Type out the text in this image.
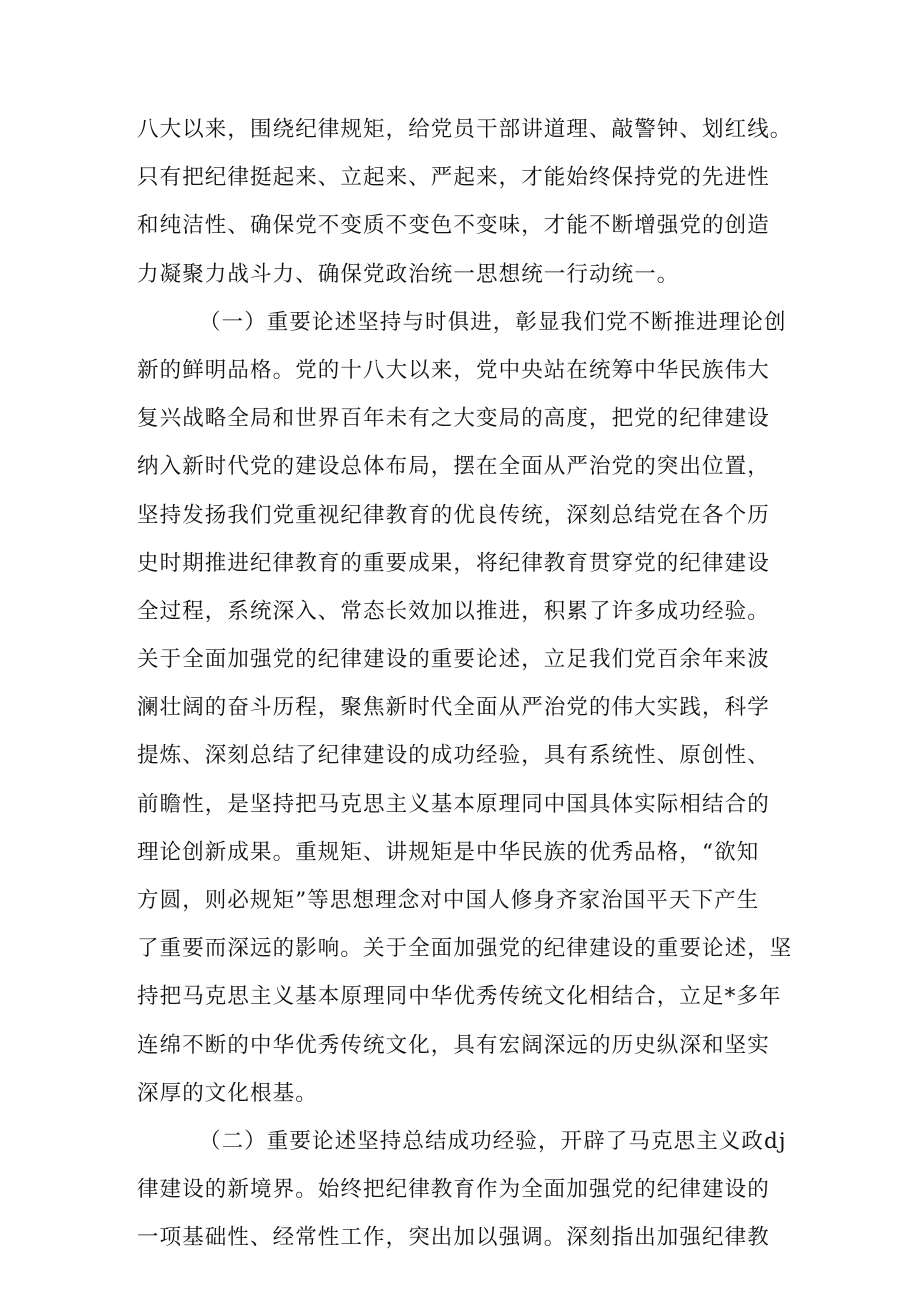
八大以来，围绕纪律规矩，给党员干部讲道理、敲警钟、划红线。
只有把纪律挺起来、立起来、严起来，才能始终保持党的先进性
和纯洁性、确保党不变质不变色不变味，才能不断增强党的创造
力凝聚力战斗力、确保党政治统一思想统一行动统一。
（一）重要论述坚持与时俱进，彰显我们党不断推进理论创
新的鲜明品格。党的十八大以来，党中央站在统筹中华民族伟大
复兴战略全局和世界百年未有之大变局的高度，把党的纪律建设
纳入新时代党的建设总体布局，摆在全面从严治党的突出位置，
坚持发扬我们党重视纪律教育的优良传统，深刻总结党在各个历
史时期推进纪律教育的重要成果，将纪律教育贯穿党的纪律建设
全过程，系统深入、常态长效加以推进，积累了许多成功经验。
关于全面加强党的纪律建设的重要论述，立足我们党百余年来波
澜壮阔的奋斗历程，聚焦新时代全面从严治党的伟大实践，科学
提炼、深刻总结了纪律建设的成功经验，具有系统性、原创性、
前瞻性，是坚持把马克思主义基本原理同中国具体实际相结合的
理论创新成果。重规矩、讲规矩是中华民族的优秀品格，“欲知
方圆，则必规矩”等思想理念对中国人修身齐家治国平天下产生
了重要而深远的影响。关于全面加强党的纪律建设的重要论述，坚
持把马克思主义基本原理同中华优秀传统文化相结合，立足*多年
连绵不断的中华优秀传统文化，具有宏阔深远的历史纵深和坚实
深厚的文化根基。
（二）重要论述坚持总结成功经验，开辟了马克思主义政dj
律建设的新境界。始终把纪律教育作为全面加强党的纪律建设的
一项基础性、经常性工作，突出加以强调。深刻指出加强纪律教
